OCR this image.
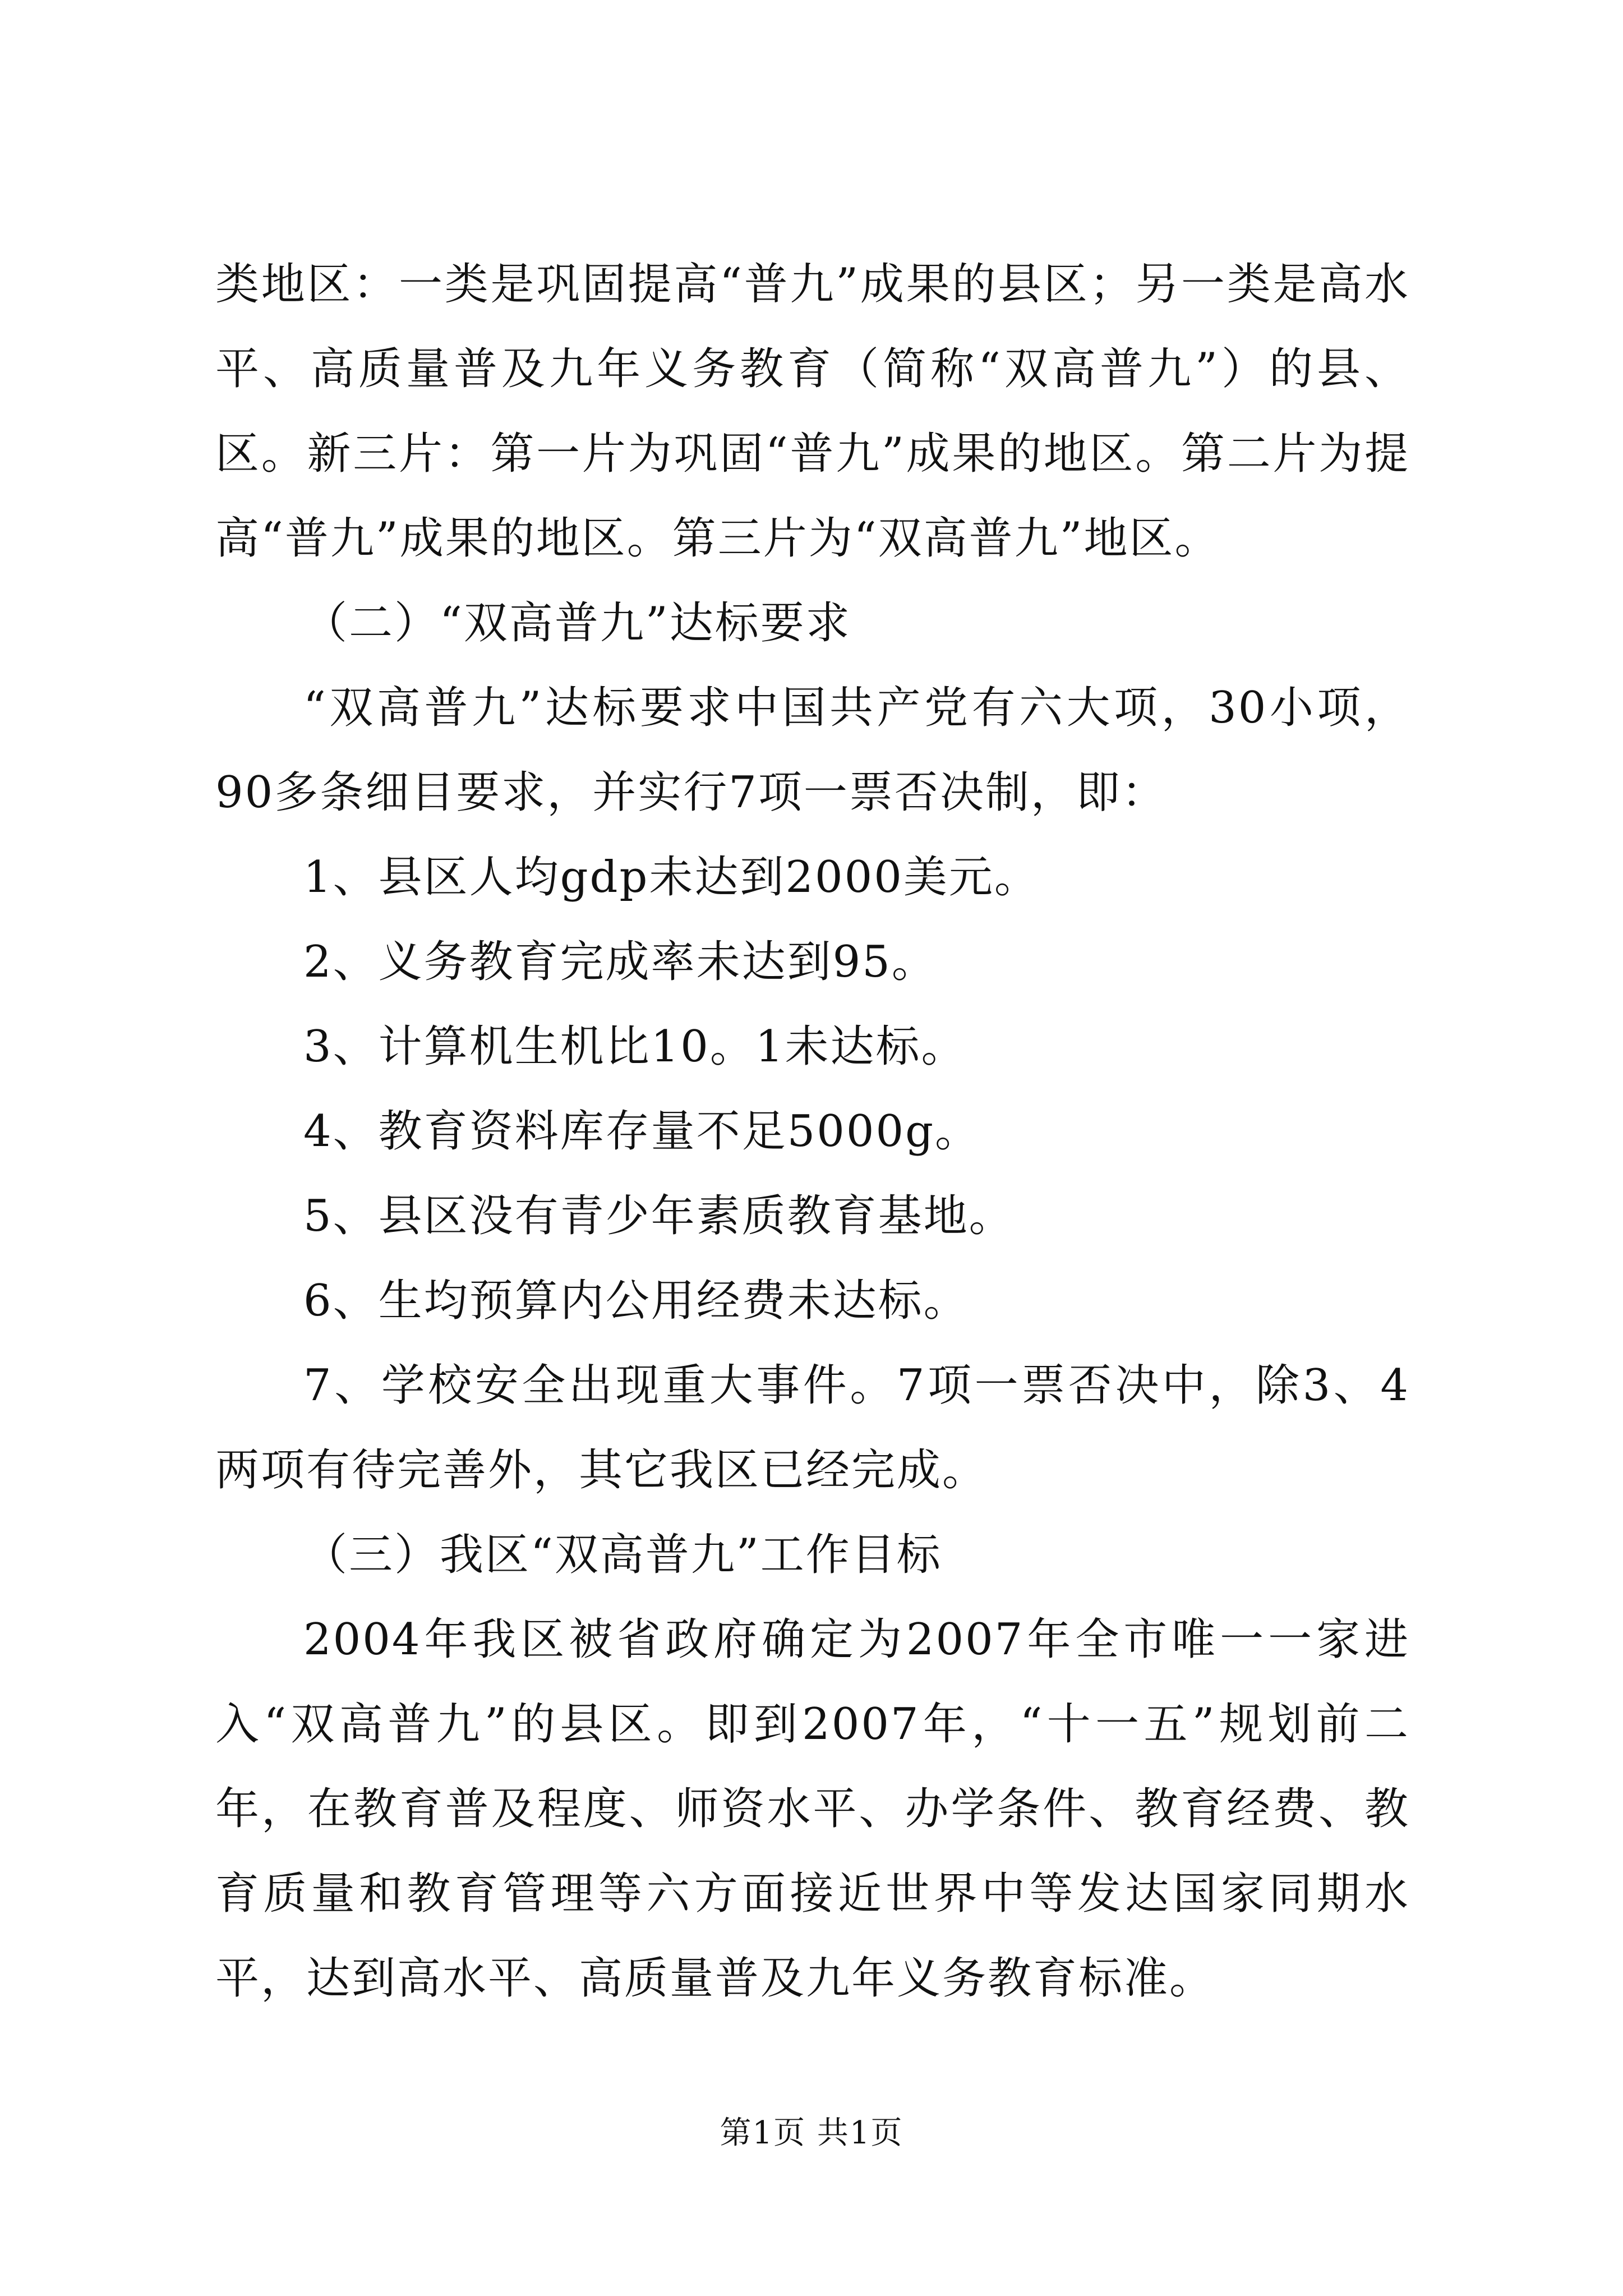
类地区：一类是巩固提高“普九”成果的县区；另一类是高水平、高质量普及九年义务教育（简称“双高普九”）的县、区。新三片：第一片为巩固“普九”成果的地区。第二片为提高“普九”成果的地区。第三片为“双高普九”地区。

（二）“双高普九”达标要求

“双高普九”达标要求中国共产党有六大项，30小项，90多条细目要求，并实行7项一票否决制，即：

1、县区人均gdp未达到2000美元。

2、义务教育完成率未达到95。

3、计算机生机比10。1未达标。

4、教育资料库存量不足5000g。

5、县区没有青少年素质教育基地。

6、生均预算内公用经费未达标。

7、学校安全出现重大事件。7项一票否决中，除3、4两项有待完善外，其它我区已经完成。

（三）我区“双高普九”工作目标

2004年我区被省政府确定为2007年全市唯一一家进入“双高普九”的县区。即到2007年，“十一五”规划前二年，在教育普及程度、师资水平、办学条件、教育经费、教育质量和教育管理等六方面接近世界中等发达国家同期水平，达到高水平、高质量普及九年义务教育标准。

第1页 共1页
